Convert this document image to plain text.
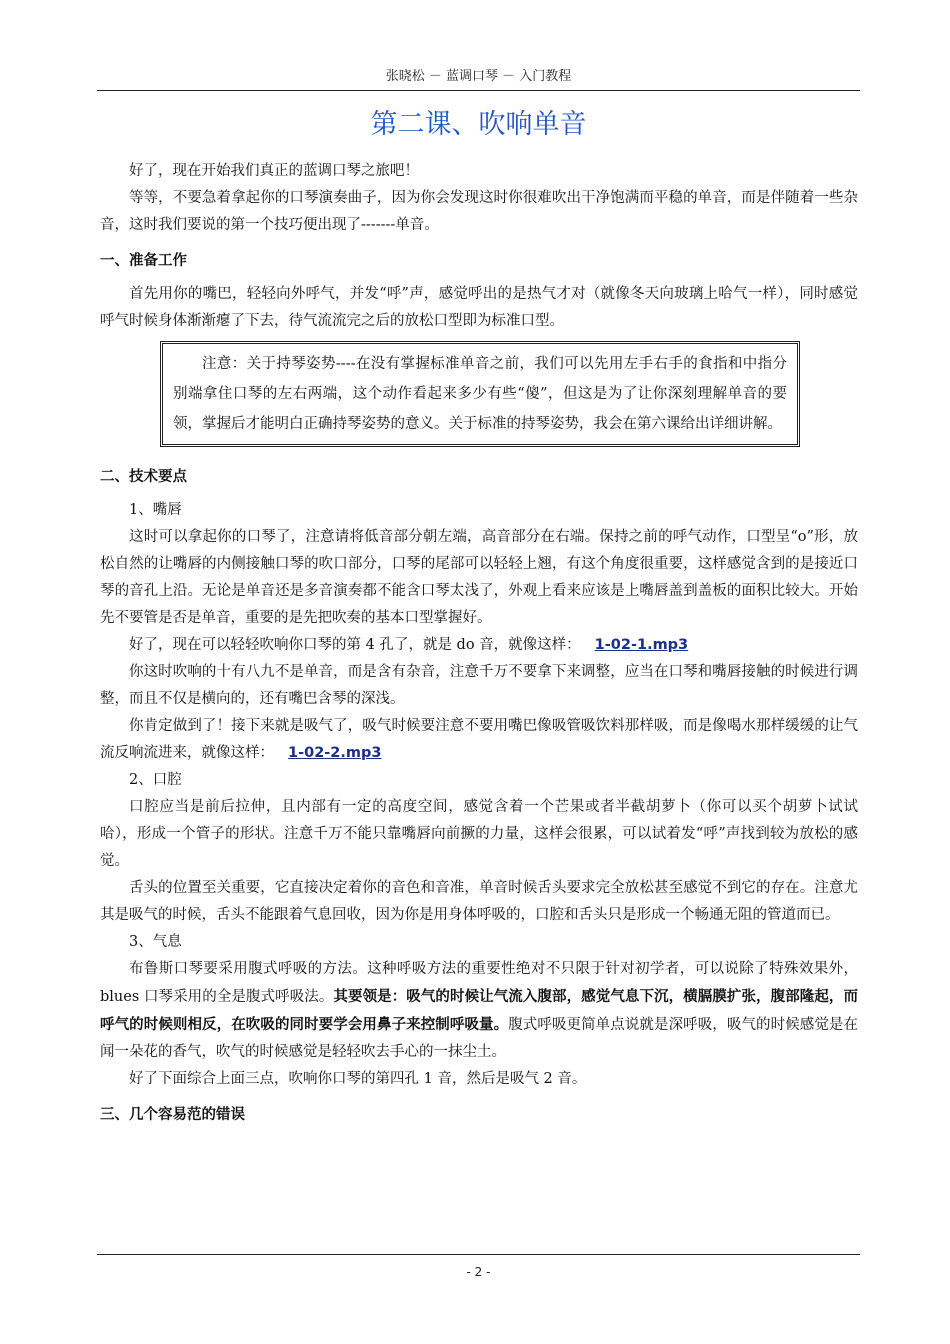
张晓松 － 蓝调口琴 － 入门教程
第二课、吹响单音

好了，现在开始我们真正的蓝调口琴之旅吧！

等等，不要急着拿起你的口琴演奏曲子，因为你会发现这时你很难吹出干净饱满而平稳的单音，而是伴随着一些杂音，这时我们要说的第一个技巧便出现了-------单音。

一、准备工作

首先用你的嘴巴，轻轻向外呼气，并发“呼”声，感觉呼出的是热气才对（就像冬天向玻璃上哈气一样），同时感觉呼气时候身体渐渐瘪了下去，待气流流完之后的放松口型即为标准口型。

注意：关于持琴姿势----在没有掌握标准单音之前，我们可以先用左手右手的食指和中指分别端拿住口琴的左右两端，这个动作看起来多少有些“傻”，但这是为了让你深刻理解单音的要领，掌握后才能明白正确持琴姿势的意义。关于标准的持琴姿势，我会在第六课给出详细讲解。

二、技术要点

1、嘴唇

这时可以拿起你的口琴了，注意请将低音部分朝左端，高音部分在右端。保持之前的呼气动作，口型呈“o”形，放松自然的让嘴唇的内侧接触口琴的吹口部分，口琴的尾部可以轻轻上翘，有这个角度很重要，这样感觉含到的是接近口琴的音孔上沿。无论是单音还是多音演奏都不能含口琴太浅了，外观上看来应该是上嘴唇盖到盖板的面积比较大。开始先不要管是否是单音，重要的是先把吹奏的基本口型掌握好。

好了，现在可以轻轻吹响你口琴的第 4 孔了，就是 do 音，就像这样： 1-02-1.mp3

你这时吹响的十有八九不是单音，而是含有杂音，注意千万不要拿下来调整，应当在口琴和嘴唇接触的时候进行调整，而且不仅是横向的，还有嘴巴含琴的深浅。

你肯定做到了！接下来就是吸气了，吸气时候要注意不要用嘴巴像吸管吸饮料那样吸，而是像喝水那样缓缓的让气流反响流进来，就像这样： 1-02-2.mp3

2、口腔

口腔应当是前后拉伸，且内部有一定的高度空间，感觉含着一个芒果或者半截胡萝卜（你可以买个胡萝卜试试哈），形成一个管子的形状。注意千万不能只靠嘴唇向前撅的力量，这样会很累，可以试着发“呼”声找到较为放松的感觉。

舌头的位置至关重要，它直接决定着你的音色和音准，单音时候舌头要求完全放松甚至感觉不到它的存在。注意尤其是吸气的时候，舌头不能跟着气息回收，因为你是用身体呼吸的，口腔和舌头只是形成一个畅通无阻的管道而已。

3、气息

布鲁斯口琴要采用腹式呼吸的方法。这种呼吸方法的重要性绝对不只限于针对初学者，可以说除了特殊效果外，blues 口琴采用的全是腹式呼吸法。其要领是：吸气的时候让气流入腹部，感觉气息下沉，横膈膜扩张，腹部隆起，而呼气的时候则相反，在吹吸的同时要学会用鼻子来控制呼吸量。腹式呼吸更简单点说就是深呼吸，吸气的时候感觉是在闻一朵花的香气，吹气的时候感觉是轻轻吹去手心的一抹尘土。

好了下面综合上面三点，吹响你口琴的第四孔 1 音，然后是吸气 2 音。

三、几个容易范的错误
- 2 -
